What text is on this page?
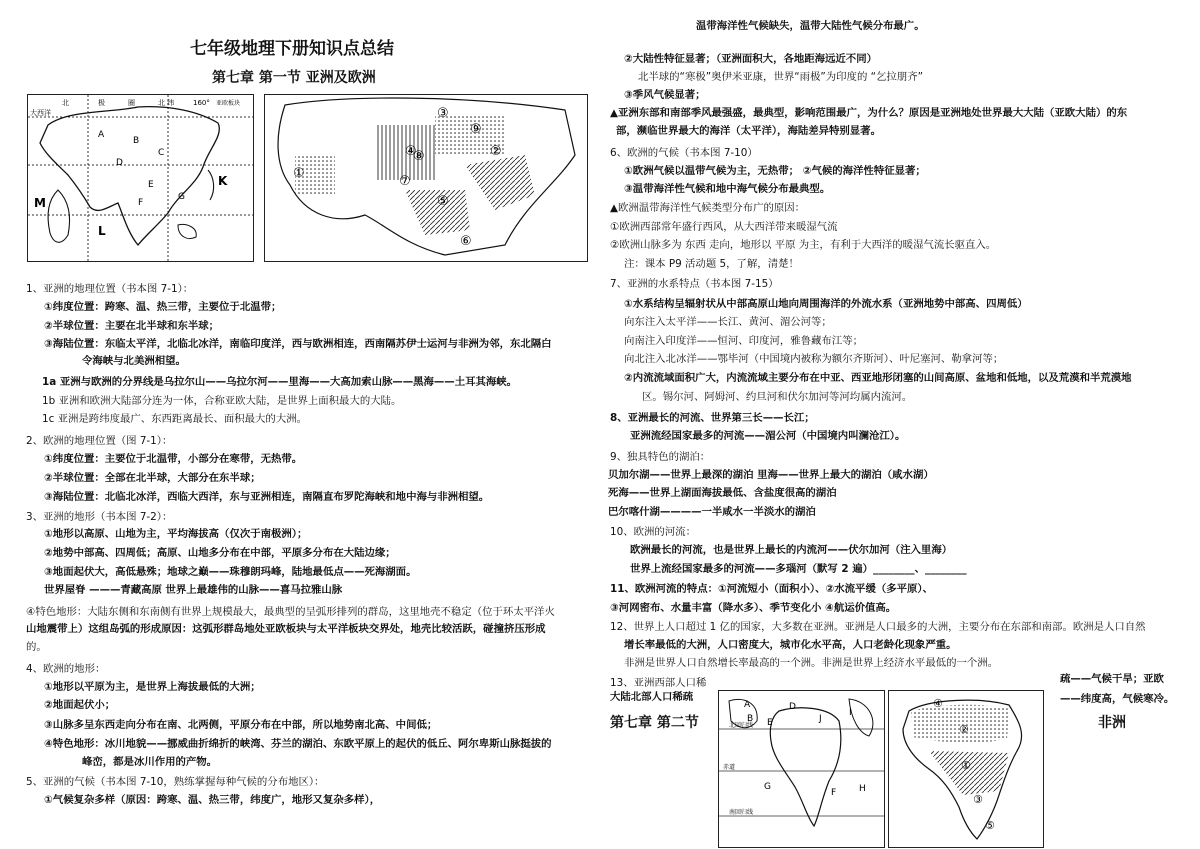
七年级地理下册知识点总结
第七章 第一节 亚洲及欧洲
大西洋
北	极	圈	北 纬	160° 亚欧板块
M
K
L
A
B
C
D
E
F
G
①
②
③
④
⑤
⑥
⑦
⑧
⑨
1、亚洲的地理位置（书本图 7-1）：
①纬度位置：跨寒、温、热三带，主要位于北温带；
②半球位置：主要在北半球和东半球；
③海陆位置：东临太平洋，北临北冰洋，南临印度洋，西与欧洲相连，西南隔苏伊士运河与非洲为邻，东北隔白
令海峡与北美洲相望。
1a 亚洲与欧洲的分界线是乌拉尔山——乌拉尔河——里海——大高加索山脉——黑海——土耳其海峡。
1b 亚洲和欧洲大陆部分连为一体，合称亚欧大陆，是世界上面积最大的大陆。
1c 亚洲是跨纬度最广、东西距离最长、面积最大的大洲。
2、欧洲的地理位置（图 7-1）：
①纬度位置：主要位于北温带，小部分在寒带，无热带。
②半球位置：全部在北半球，大部分在东半球；
③海陆位置：北临北冰洋，西临大西洋，东与亚洲相连，南隔直布罗陀海峡和地中海与非洲相望。
3、亚洲的地形（书本图 7-2）：
①地形以高原、山地为主，平均海拔高（仅次于南极洲）；
②地势中部高、四周低；高原、山地多分布在中部，平原多分布在大陆边缘；
③地面起伏大，高低悬殊；地球之巅——珠穆朗玛峰，陆地最低点——死海湖面。
世界屋脊 ———青藏高原 世界上最雄伟的山脉——喜马拉雅山脉
④特色地形：大陆东侧和东南侧有世界上规模最大，最典型的呈弧形排列的群岛，这里地壳不稳定（位于环太平洋火
山地震带上）这组岛弧的形成原因：这弧形群岛地处亚欧板块与太平洋板块交界处，地壳比较活跃，碰撞挤压形成
的。
4、欧洲的地形：
①地形以平原为主，是世界上海拔最低的大洲；
②地面起伏小；
③山脉多呈东西走向分布在南、北两侧，平原分布在中部，所以地势南北高、中间低；
④特色地形：冰川地貌——挪威曲折绵折的峡湾、芬兰的湖泊、东欧平原上的起伏的低丘、阿尔卑斯山脉挺拔的
峰峦，都是冰川作用的产物。
5、亚洲的气候（书本图 7-10，熟练掌握每种气候的分布地区）：
①气候复杂多样（原因：跨寒、温、热三带，纬度广，地形又复杂多样），
温带海洋性气候缺失，温带大陆性气候分布最广。
②大陆性特征显著；（亚洲面积大，各地距海远近不同）
北半球的“寒极”奥伊米亚康，世界“雨极”为印度的 “乞拉朋齐”
③季风气候显著；
▲亚洲东部和南部季风最强盛，最典型，影响范围最广，为什么？原因是亚洲地处世界最大大陆（亚欧大陆）的东
部，濒临世界最大的海洋（太平洋），海陆差异特别显著。
6、欧洲的气候（书本图 7-10）
①欧洲气候以温带气候为主，无热带； ②气候的海洋性特征显著；
③温带海洋性气候和地中海气候分布最典型。
▲欧洲温带海洋性气候类型分布广的原因：
①欧洲西部常年盛行西风，从大西洋带来暖湿气流
②欧洲山脉多为 东西 走向，地形以 平原 为主，有利于大西洋的暖湿气流长驱直入。
注：课本 P9 活动题 5，了解，清楚！
7、亚洲的水系特点（书本图 7-15）
①水系结构呈辐射状从中部高原山地向周围海洋的外流水系（亚洲地势中部高、四周低）
向东注入太平洋——长江、黄河、湄公河等；
向南注入印度洋——恒河、印度河，雅鲁藏布江等；
向北注入北冰洋——鄂毕河（中国境内被称为额尔齐斯河）、叶尼塞河、勒拿河等；
②内流流域面积广大，内流流域主要分布在中亚、西亚地形闭塞的山间高原、盆地和低地，以及荒漠和半荒漠地
区。锡尔河、阿姆河、约旦河和伏尔加河等河均属内流河。
8、亚洲最长的河流、世界第三长——长江；
亚洲流经国家最多的河流——湄公河（中国境内叫澜沧江）。
9、独具特色的湖泊：
贝加尔湖——世界上最深的湖泊 里海——世界上最大的湖泊（咸水湖）
死海——世界上湖面海拔最低、含盐度很高的湖泊
巴尔喀什湖————一半咸水一半淡水的湖泊
10、欧洲的河流：
欧洲最长的河流，也是世界上最长的内流河——伏尔加河（注入里海）
世界上流经国家最多的河流——多瑙河（默写 2 遍）________、________
11、欧洲河流的特点：①河流短小（面积小）、②水流平缓（多平原）、
③河网密布、水量丰富（降水多）、季节变化小 ④航运价值高。
12、世界上人口超过 1 亿的国家，大多数在亚洲。亚洲是人口最多的大洲，主要分布在东部和南部。欧洲是人口自然
增长率最低的大洲，人口密度大，城市化水平高，人口老龄化现象严重。
非洲是世界人口自然增长率最高的一个洲。非洲是世界上经济水平最低的一个洲。
13、亚洲西部人口稀
大陆北部人口稀疏
疏——气候干旱；亚欧
——纬度高，气候寒冷。
第七章 第二节	非洲
A
B
D
E	J
I
H
G
F
北回归线
赤道
南回归线
④
②
①
③
⑤
